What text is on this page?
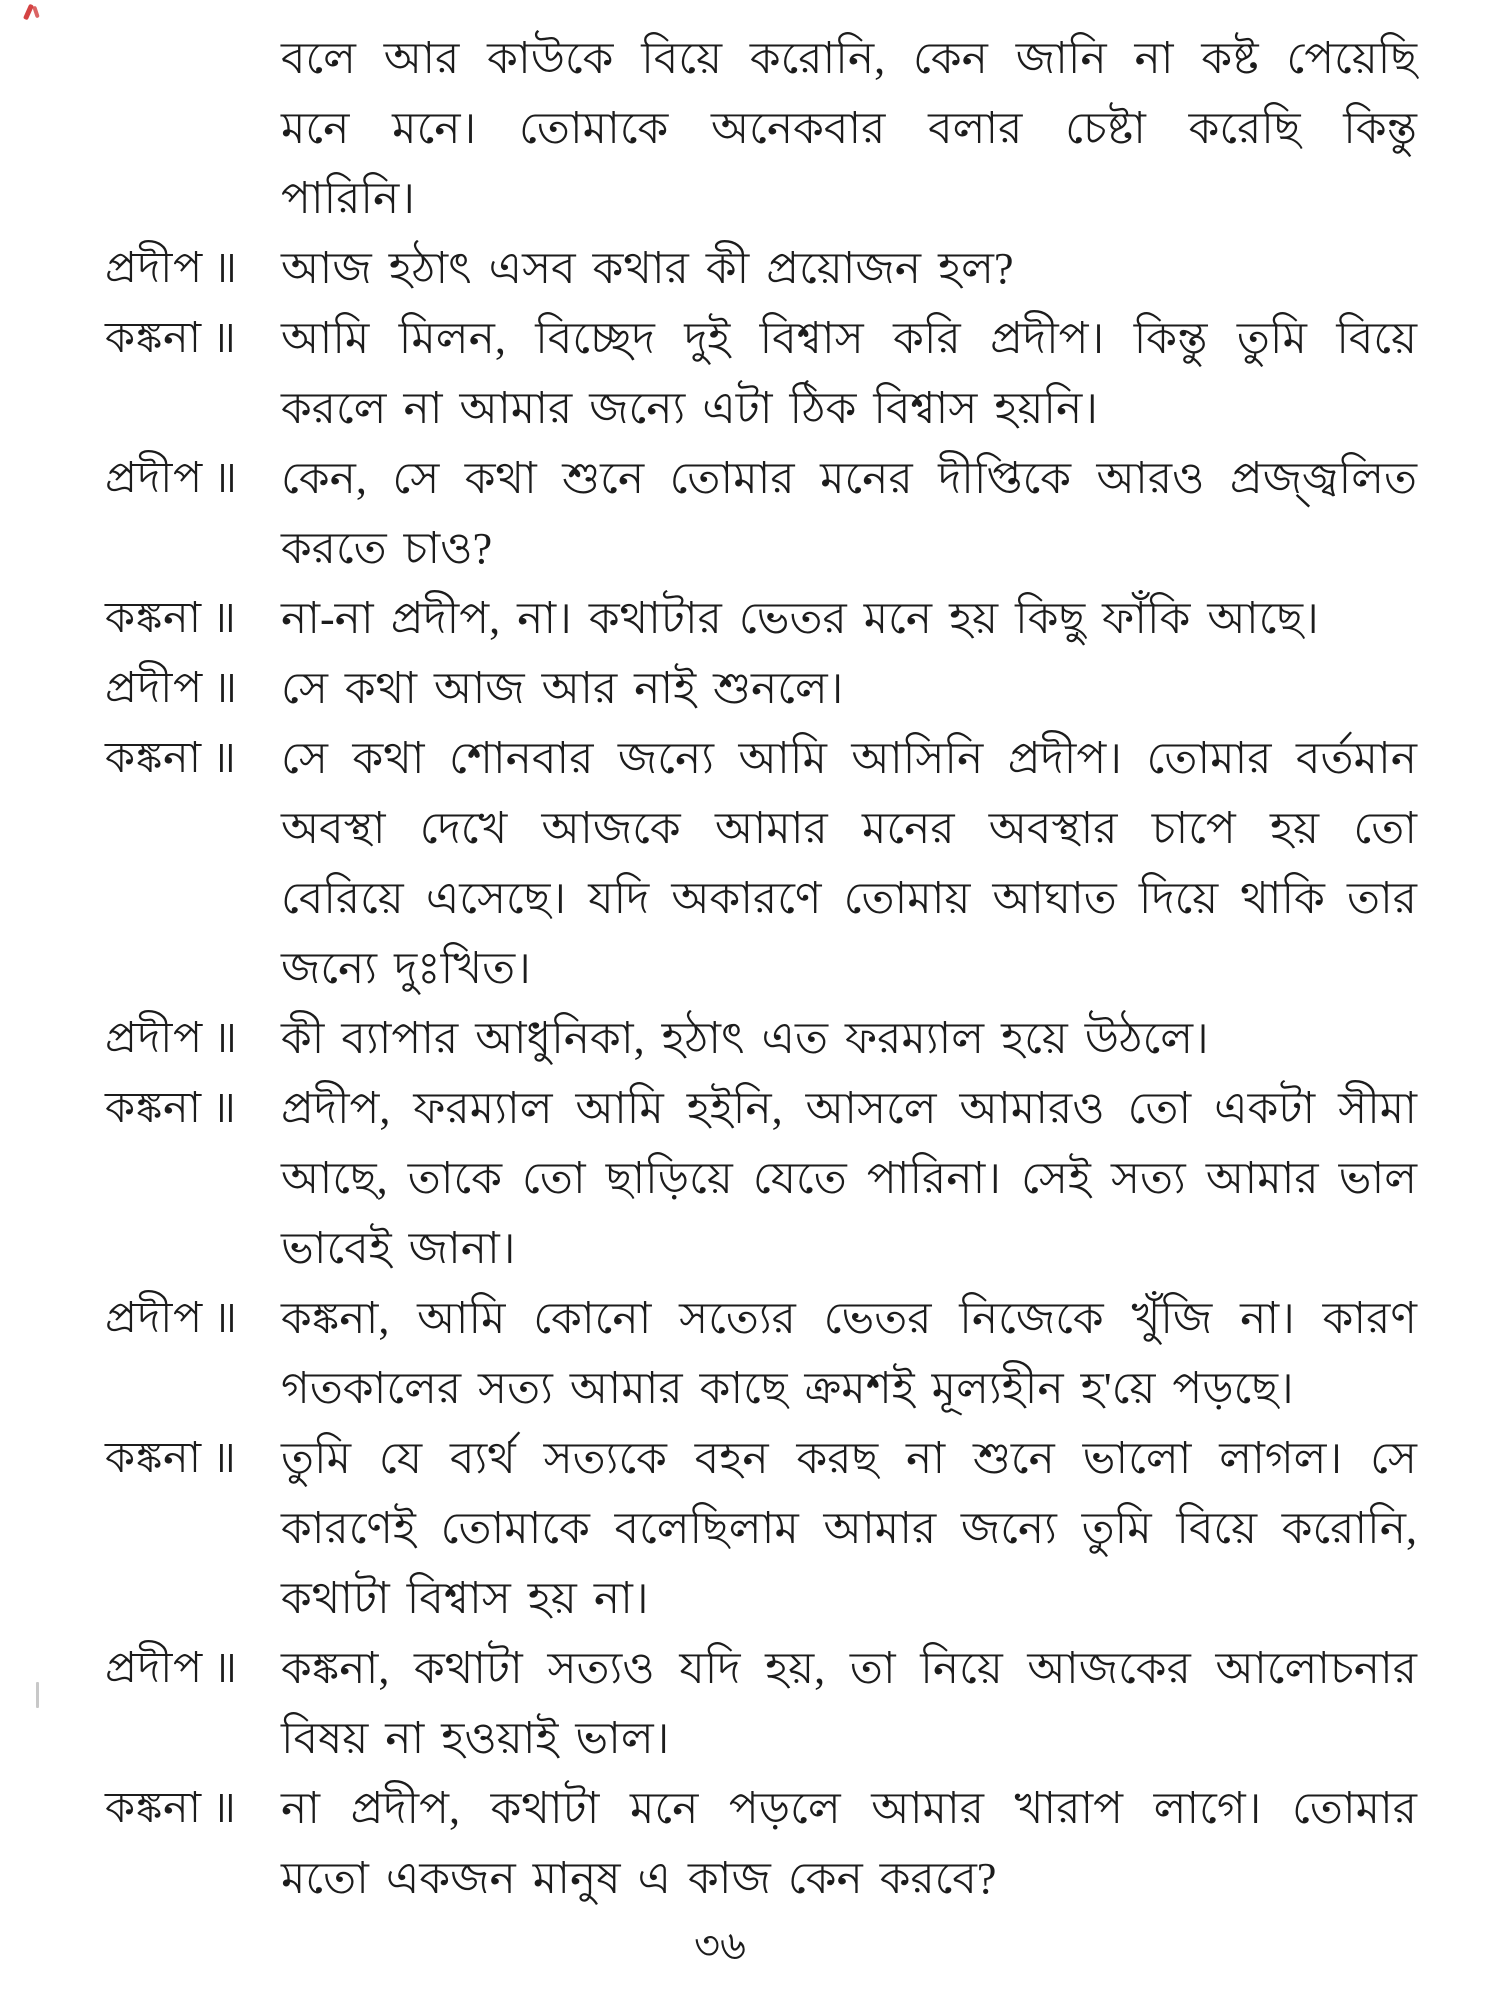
বলে আর কাউকে বিয়ে করোনি, কেন জানি না কষ্ট পেয়েছি
মনে মনে। তোমাকে অনেকবার বলার চেষ্টা করেছি কিন্তু
পারিনি।
প্রদীপ ॥ আজ হঠাৎ এসব কথার কী প্রয়োজন হল?
কঙ্কনা ॥	আমি মিলন, বিচ্ছেদ দুই বিশ্বাস করি প্রদীপ। কিন্তু তুমি বিয়ে
করলে না আমার জন্যে এটা ঠিক বিশ্বাস হয়নি।
প্রদীপ ॥ কেন, সে কথা শুনে তোমার মনের দীপ্তিকে আরও প্রজ্জ্বলিত
করতে চাও?
কঙ্কনা ॥	না-না প্রদীপ, না। কথাটার ভেতর মনে হয় কিছু ফাঁকি আছে।
প্রদীপ ॥ সে কথা আজ আর নাই শুনলে।
কঙ্কনা ॥	সে কথা শোনবার জন্যে আমি আসিনি প্রদীপ। তোমার বর্তমান
অবস্থা দেখে আজকে আমার মনের অবস্থার চাপে হয় তো
বেরিয়ে এসেছে। যদি অকারণে তোমায় আঘাত দিয়ে থাকি তার
জন্যে দুঃখিত।
প্রদীপ ॥ কী ব্যাপার আধুনিকা, হঠাৎ এত ফরম্যাল হয়ে উঠলে।
কঙ্কনা ॥	প্রদীপ, ফরম্যাল আমি হইনি, আসলে আমারও তো একটা সীমা
আছে, তাকে তো ছাড়িয়ে যেতে পারিনা। সেই সত্য আমার ভাল
ভাবেই জানা।
প্রদীপ ॥ কঙ্কনা, আমি কোনো সত্যের ভেতর নিজেকে খুঁজি না। কারণ
গতকালের সত্য আমার কাছে ক্রমশই মূল্যহীন হ'য়ে পড়ছে।
কঙ্কনা ॥	তুমি যে ব্যর্থ সত্যকে বহন করছ না শুনে ভালো লাগল। সে
কারণেই তোমাকে বলেছিলাম আমার জন্যে তুমি বিয়ে করোনি,
কথাটা বিশ্বাস হয় না।
প্রদীপ ॥ কঙ্কনা, কথাটা সত্যও যদি হয়, তা নিয়ে আজকের আলোচনার
বিষয় না হওয়াই ভাল।
কঙ্কনা ॥	না প্রদীপ, কথাটা মনে পড়লে আমার খারাপ লাগে। তোমার
মতো একজন মানুষ এ কাজ কেন করবে?
৩৬
